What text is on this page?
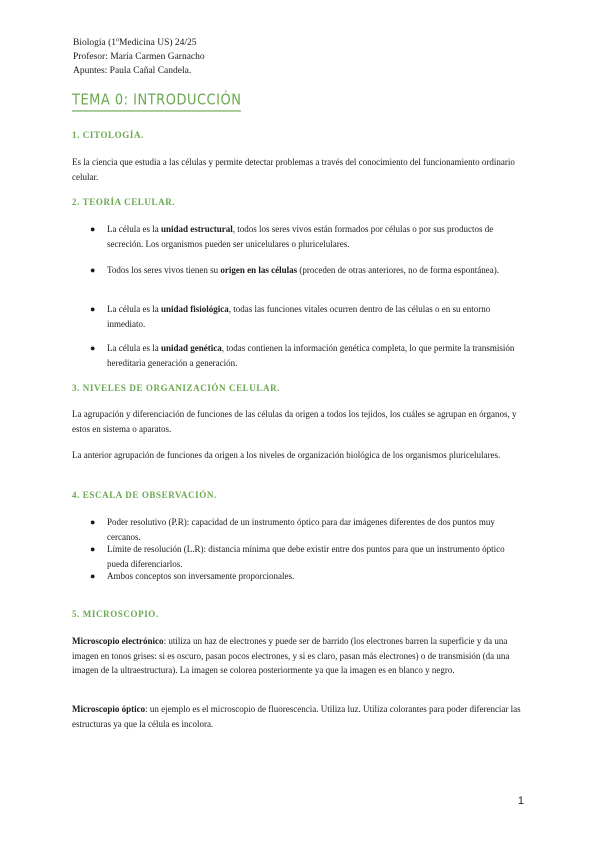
Biología (1ºMedicina US) 24/25
Profesor: María Carmen Garnacho
Apuntes: Paula Cañal Candela.
TEMA 0: INTRODUCCIÓN
1. CITOLOGÍA.
Es la ciencia que estudia a las células y permite detectar problemas a través del conocimiento del funcionamiento ordinario celular.
2. TEORÍA CELULAR.
● La célula es la unidad estructural, todos los seres vivos están formados por células o por sus productos de secreción. Los organismos pueden ser unicelulares o pluricelulares.
● Todos los seres vivos tienen su origen en las células (proceden de otras anteriores, no de forma espontánea).
● La célula es la unidad fisiológica, todas las funciones vitales ocurren dentro de las células o en su entorno inmediato.
● La célula es la unidad genética, todas contienen la información genética completa, lo que permite la transmisión hereditaria generación a generación.
3. NIVELES DE ORGANIZACIÓN CELULAR.
La agrupación y diferenciación de funciones de las células da origen a todos los tejidos, los cuáles se agrupan en órganos, y estos en sistema o aparatos.
La anterior agrupación de funciones da origen a los niveles de organización biológica de los organismos pluricelulares.
4. ESCALA DE OBSERVACIÓN.
● Poder resolutivo (P.R): capacidad de un instrumento óptico para dar imágenes diferentes de dos puntos muy cercanos.
● Límite de resolución (L.R): distancia mínima que debe existir entre dos puntos para que un instrumento óptico pueda diferenciarlos.
● Ambos conceptos son inversamente proporcionales.
5. MICROSCOPIO.
Microscopio electrónico: utiliza un haz de electrones y puede ser de barrido (los electrones barren la superficie y da una imagen en tonos grises: si es oscuro, pasan pocos electrones, y si es claro, pasan más electrones) o de transmisión (da una imagen de la ultraestructura). La imagen se colorea posteriormente ya que la imagen es en blanco y negro.
Microscopio óptico: un ejemplo es el microscopio de fluorescencia. Utiliza luz. Utiliza colorantes para poder diferenciar las estructuras ya que la célula es incolora.
1
